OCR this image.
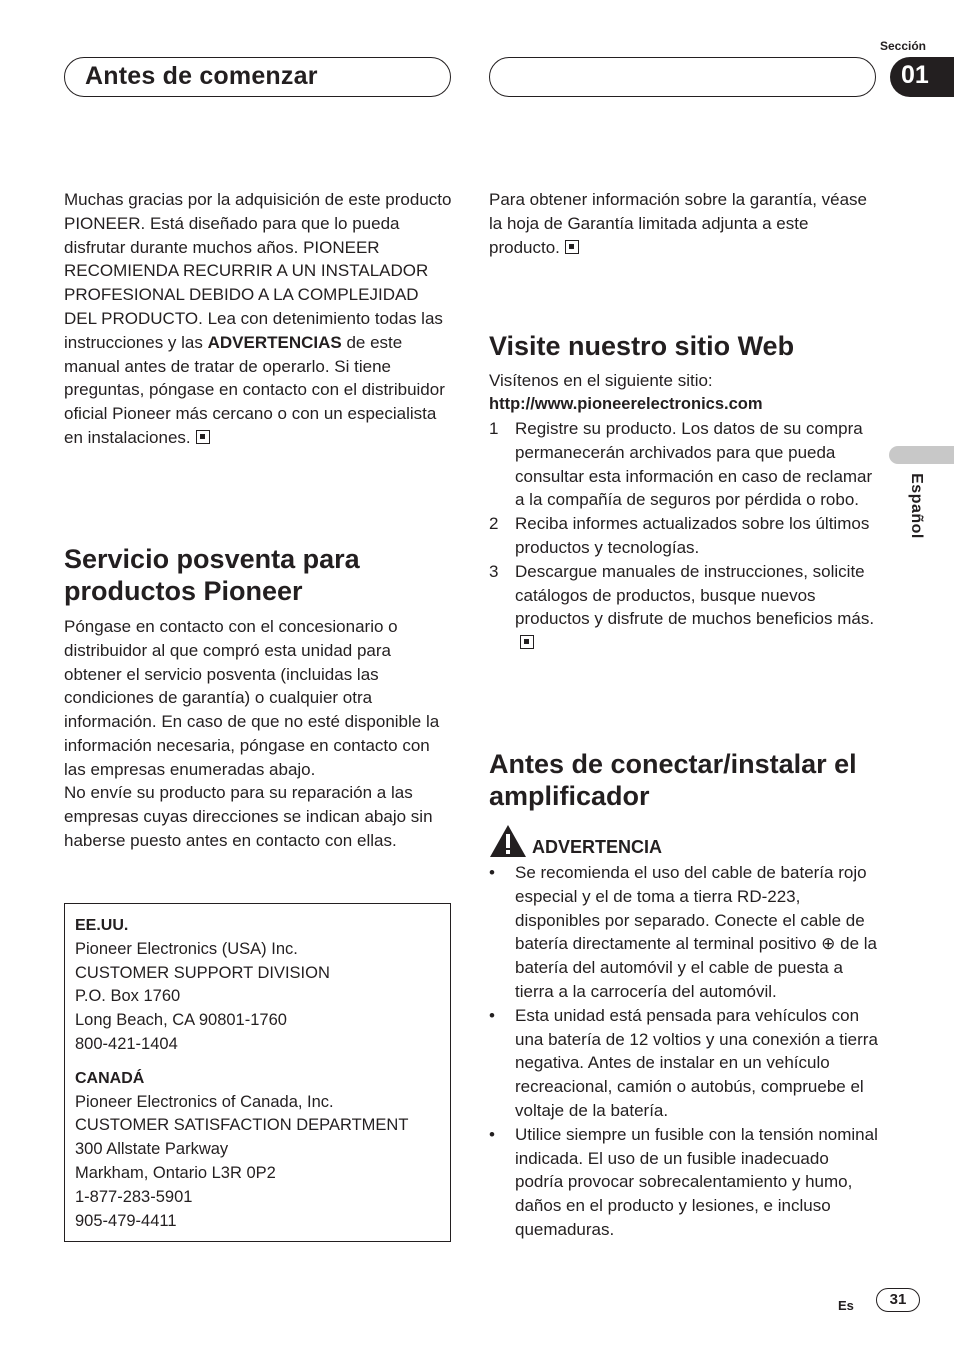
Antes de comenzar
Sección
01
Español

Muchas gracias por la adquisición de este producto PIONEER. Está diseñado para que lo pueda disfrutar durante muchos años. PIONEER RECOMIENDA RECURRIR A UN INSTALADOR PROFESIONAL DEBIDO A LA COMPLEJIDAD DEL PRODUCTO. Lea con detenimiento todas las instrucciones y las ADVERTENCIAS de este manual antes de tratar de operarlo. Si tiene preguntas, póngase en contacto con el distribuidor oficial Pioneer más cercano o con un especialista en instalaciones.

Servicio posventa para productos Pioneer

Póngase en contacto con el concesionario o distribuidor al que compró esta unidad para obtener el servicio posventa (incluidas las condiciones de garantía) o cualquier otra información. En caso de que no esté disponible la información necesaria, póngase en contacto con las empresas enumeradas abajo.

No envíe su producto para su reparación a las empresas cuyas direcciones se indican abajo sin haberse puesto antes en contacto con ellas.

EE.UU.
Pioneer Electronics (USA) Inc.
CUSTOMER SUPPORT DIVISION
P.O. Box 1760
Long Beach, CA 90801-1760
800-421-1404
CANADÁ
Pioneer Electronics of Canada, Inc.
CUSTOMER SATISFACTION DEPARTMENT
300 Allstate Parkway
Markham, Ontario L3R 0P2
1-877-283-5901
905-479-4411

Para obtener información sobre la garantía, véase la hoja de Garantía limitada adjunta a este producto.

Visite nuestro sitio Web

Visítenos en el siguiente sitio:

http://www.pioneerelectronics.com

1 Registre su producto. Los datos de su compra permanecerán archivados para que pueda consultar esta información en caso de reclamar a la compañía de seguros por pérdida o robo.
2 Reciba informes actualizados sobre los últimos productos y tecnologías.
3 Descargue manuales de instrucciones, solicite catálogos de productos, busque nuevos productos y disfrute de muchos beneficios más.
Antes de conectar/instalar el amplificador
ADVERTENCIA
•	Se recomienda el uso del cable de batería rojo especial y el de toma a tierra RD-223, disponibles por separado. Conecte el cable de batería directamente al terminal positivo ⊕ de la batería del automóvil y el cable de puesta a tierra a la carrocería del automóvil.
•	Esta unidad está pensada para vehículos con una batería de 12 voltios y una conexión a tierra negativa. Antes de instalar en un vehículo recreacional, camión o autobús, compruebe el voltaje de la batería.
•	Utilice siempre un fusible con la tensión nominal indicada. El uso de un fusible inadecuado podría provocar sobrecalentamiento y humo, daños en el producto y lesiones, e incluso quemaduras.
Es	31
